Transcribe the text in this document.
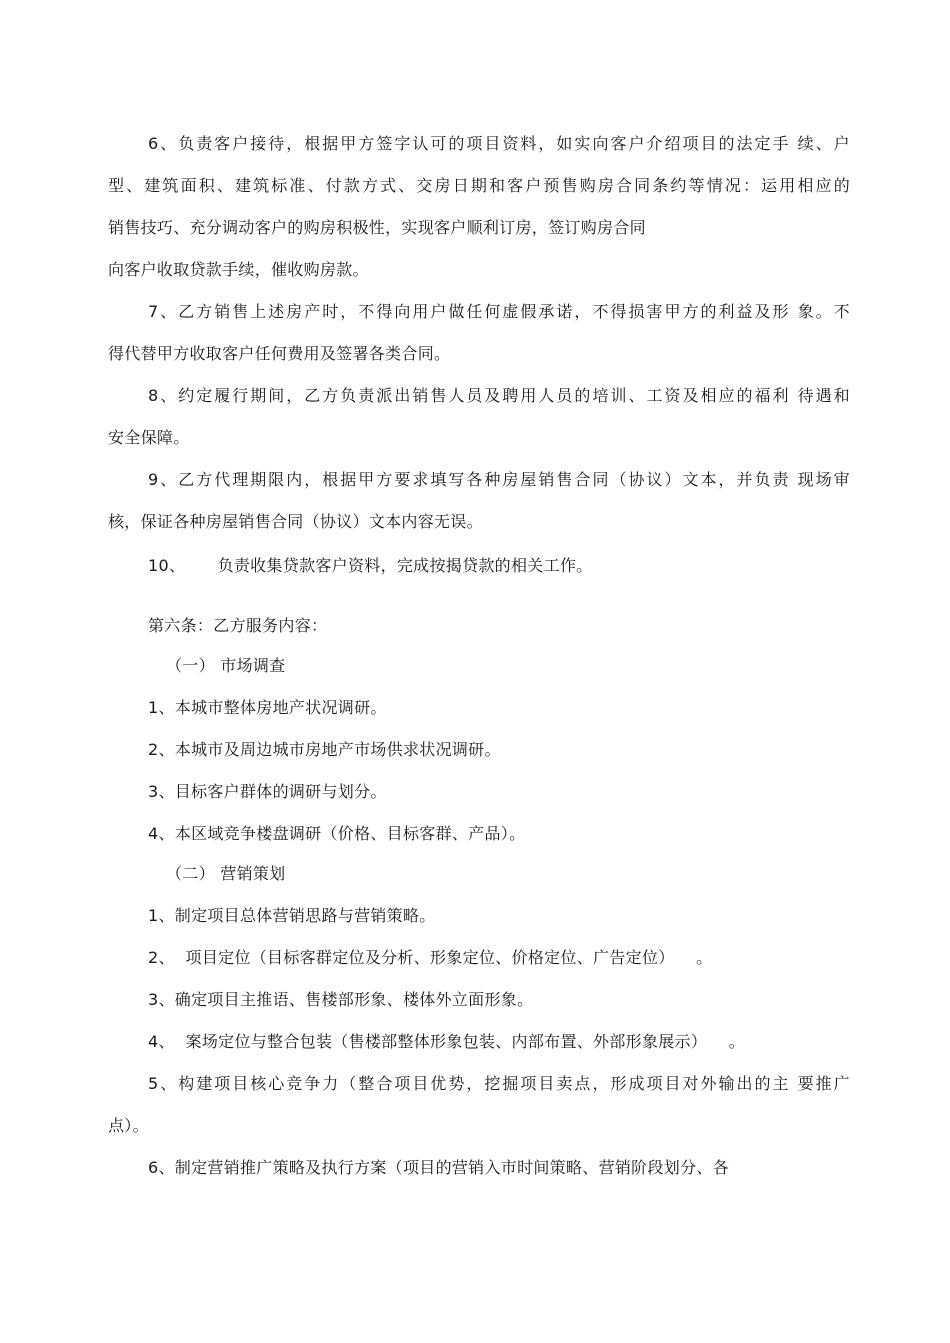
6、负责客户接待，根据甲方签字认可的项目资料，如实向客户介绍项目的法定手 续、户
型、建筑面积、建筑标准、付款方式、交房日期和客户预售购房合同条约等情况：运用相应的
销售技巧、充分调动客户的购房积极性，实现客户顺利订房，签订购房合同
向客户收取贷款手续，催收购房款。
7、乙方销售上述房产时，不得向用户做任何虚假承诺，不得损害甲方的利益及形 象。不
得代替甲方收取客户任何费用及签署各类合同。
8、约定履行期间，乙方负责派出销售人员及聘用人员的培训、工资及相应的福利 待遇和
安全保障。
9、乙方代理期限内，根据甲方要求填写各种房屋销售合同（协议）文本，并负责 现场审
核，保证各种房屋销售合同（协议）文本内容无误。
10、      负责收集贷款客户资料，完成按揭贷款的相关工作。
第六条：乙方服务内容：
（一） 市场调查
1、本城市整体房地产状况调研。
2、本城市及周边城市房地产市场供求状况调研。
3、目标客户群体的调研与划分。
4、本区域竞争楼盘调研（价格、目标客群、产品）。
（二） 营销策划
1、制定项目总体营销思路与营销策略。
2、  项目定位（目标客群定位及分析、形象定位、价格定位、广告定位）    。
3、确定项目主推语、售楼部形象、楼体外立面形象。
4、  案场定位与整合包装（售楼部整体形象包装、内部布置、外部形象展示）    。
5、构建项目核心竞争力（整合项目优势，挖掘项目卖点，形成项目对外输出的主 要推广
点）。
6、制定营销推广策略及执行方案（项目的营销入市时间策略、营销阶段划分、各
